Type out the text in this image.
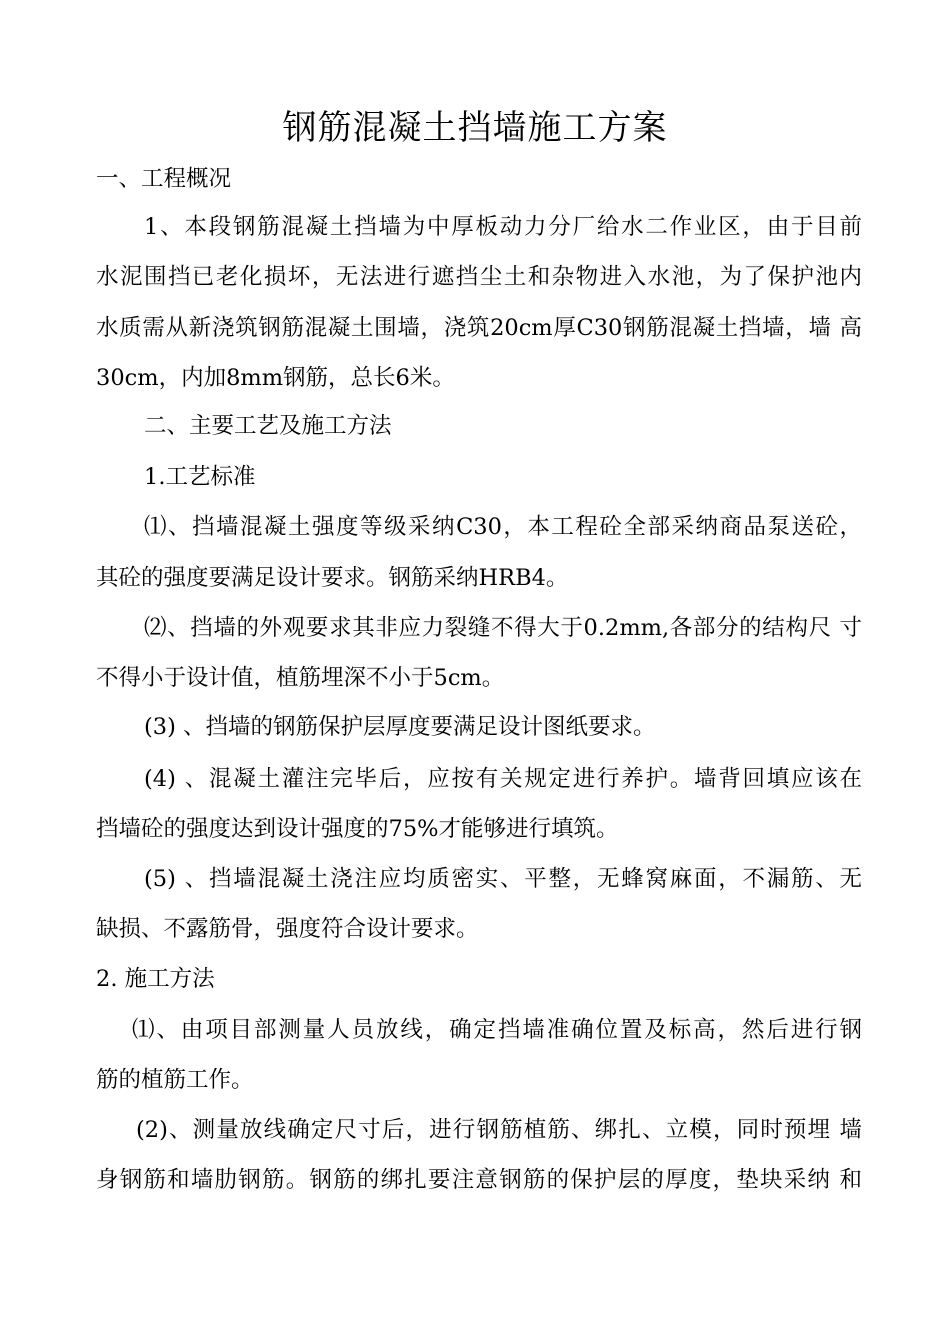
钢筋混凝土挡墙施工方案
一、工程概况
1、本段钢筋混凝土挡墙为中厚板动力分厂给水二作业区，由于目前
水泥围挡已老化损坏，无法进行遮挡尘土和杂物进入水池，为了保护池内
水质需从新浇筑钢筋混凝土围墙，浇筑20cm厚C30钢筋混凝土挡墙，墙 高
30cm，内加8mm钢筋，总长6米。
二、主要工艺及施工方法
1.工艺标准
⑴、挡墙混凝土强度等级采纳C30，本工程砼全部采纳商品泵送砼，
其砼的强度要满足设计要求。钢筋采纳HRB4。
⑵、挡墙的外观要求其非应力裂缝不得大于0.2mm,各部分的结构尺 寸
不得小于设计值，植筋埋深不小于5cm。
(3) 、挡墙的钢筋保护层厚度要满足设计图纸要求。
(4) 、混凝土灌注完毕后，应按有关规定进行养护。墙背回填应该在
挡墙砼的强度达到设计强度的75%才能够进行填筑。
(5) 、挡墙混凝土浇注应均质密实、平整，无蜂窝麻面，不漏筋、无
缺损、不露筋骨，强度符合设计要求。
2. 施工方法
⑴、由项目部测量人员放线，确定挡墙准确位置及标高，然后进行钢
筋的植筋工作。
(2)、测量放线确定尺寸后，进行钢筋植筋、绑扎、立模，同时预埋 墙
身钢筋和墙肋钢筋。钢筋的绑扎要注意钢筋的保护层的厚度，垫块采纳 和
